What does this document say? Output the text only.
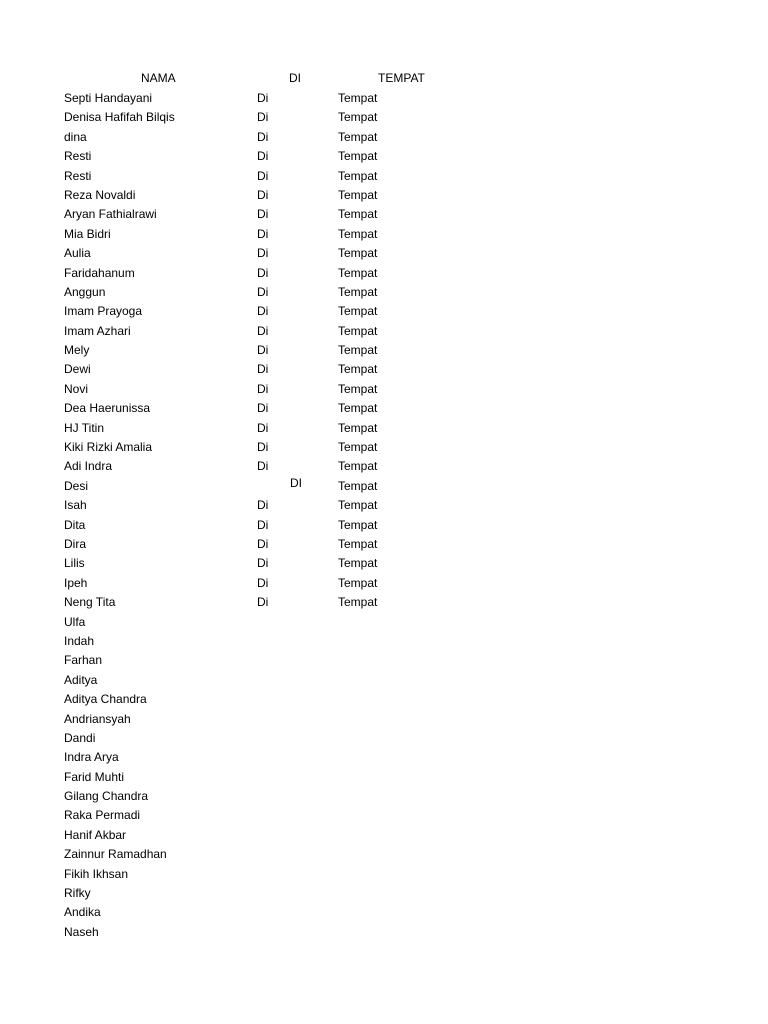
NAMA	DI	TEMPAT
Septi Handayani	Di	Tempat
Denisa Hafifah Bilqis	Di	Tempat
dina	Di	Tempat
Resti	Di	Tempat
Resti	Di	Tempat
Reza Novaldi	Di	Tempat
Aryan Fathialrawi	Di	Tempat
Mia Bidri	Di	Tempat
Aulia	Di	Tempat
Faridahanum	Di	Tempat
Anggun	Di	Tempat
Imam Prayoga	Di	Tempat
Imam Azhari	Di	Tempat
Mely	Di	Tempat
Dewi	Di	Tempat
Novi	Di	Tempat
Dea Haerunissa	Di	Tempat
HJ Titin	Di	Tempat
Kiki Rizki Amalia	Di	Tempat
Adi Indra	Di	Tempat
Desi	DI	Tempat
Isah	Di	Tempat
Dita	Di	Tempat
Dira	Di	Tempat
Lilis	Di	Tempat
Ipeh	Di	Tempat
Neng Tita	Di	Tempat
Ulfa
Indah
Farhan
Aditya
Aditya Chandra
Andriansyah
Dandi
Indra Arya
Farid Muhti
Gilang Chandra
Raka Permadi
Hanif Akbar
Zainnur Ramadhan
Fikih Ikhsan
Rifky
Andika
Naseh
